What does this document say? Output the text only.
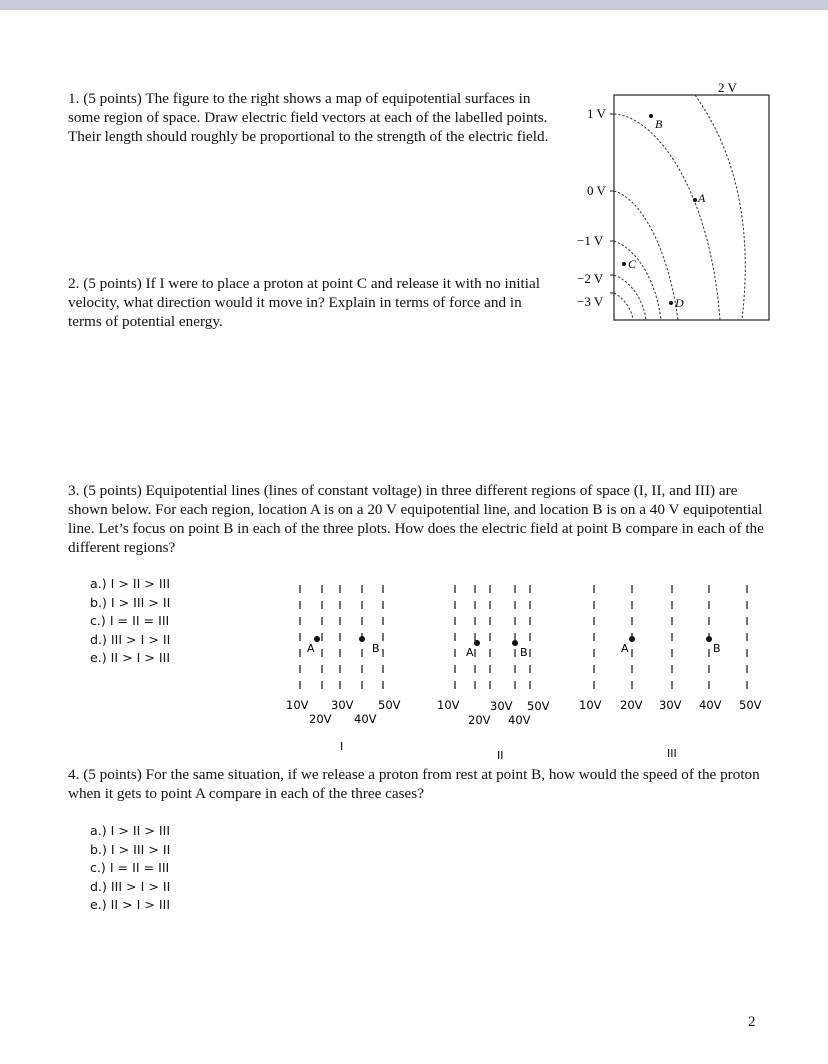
1. (5 points) The figure to the right shows a map of equipotential surfaces in some region of space. Draw electric field vectors at each of the labelled points. Their length should roughly be proportional to the strength of the electric field.

2 V
1 V
0 V
−1 V
−2 V
−3 V
B
A
C
D

2. (5 points) If I were to place a proton at point C and release it with no initial velocity, what direction would it move in? Explain in terms of force and in terms of potential energy.

3. (5 points) Equipotential lines (lines of constant voltage) in three different regions of space (I, II, and III) are shown below. For each region, location A is on a 20 V equipotential line, and location B is on a 40 V equipotential line. Let’s focus on point B in each of the three plots. How does the electric field at point B compare in each of the different regions?

a.) I > II > III
b.) I > III > II
c.) I = II = III
d.) III > I > II
e.) II > I > III
A	B	A	B	A	B
10V 30V 50V
20V 40V
10V	30V 50V
20V 40V
10V 20V 30V 40V 50V
I
II	III

4. (5 points) For the same situation, if we release a proton from rest at point B, how would the speed of the proton when it gets to point A compare in each of the three cases?

a.) I > II > III
b.) I > III > II
c.) I = II = III
d.) III > I > II
e.) II > I > III
2
